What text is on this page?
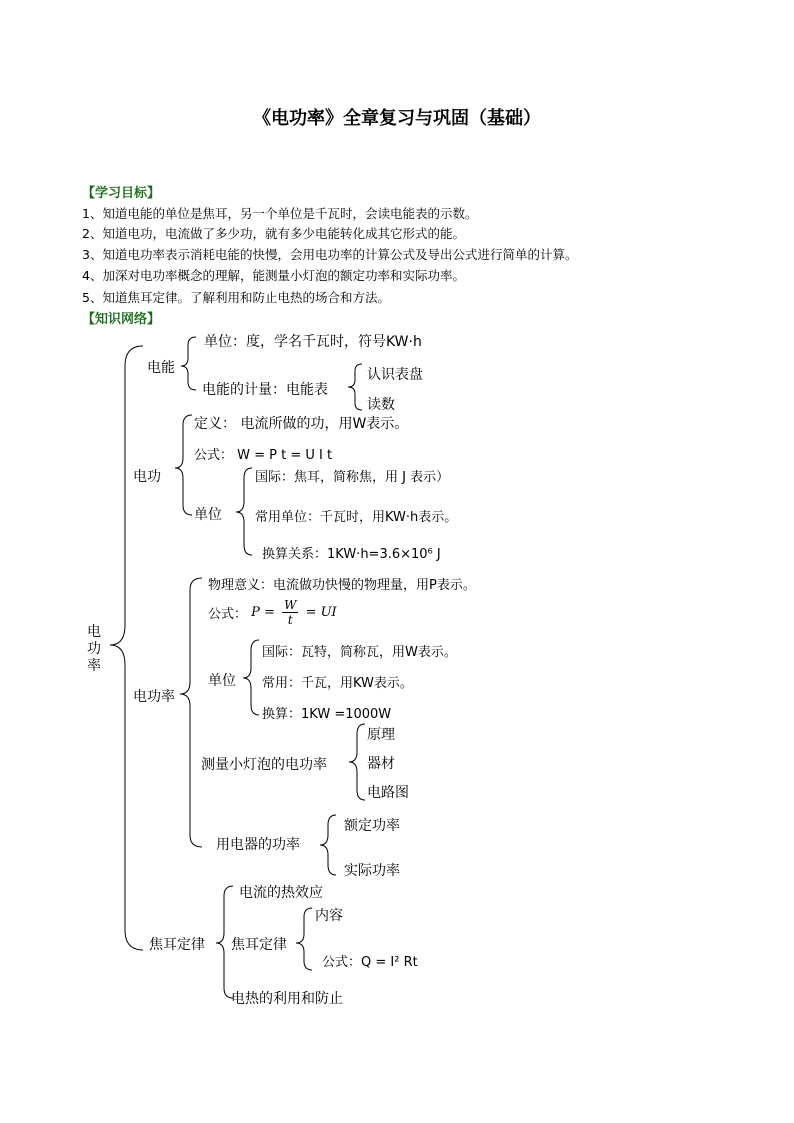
《电功率》全章复习与巩固（基础）
【学习目标】
1、知道电能的单位是焦耳，另一个单位是千瓦时，会读电能表的示数。
2、知道电功，电流做了多少功，就有多少电能转化成其它形式的能。
3、知道电功率表示消耗电能的快慢，会用电功率的计算公式及导出公式进行简单的计算。
4、加深对电功率概念的理解，能测量小灯泡的额定功率和实际功率。
5、知道焦耳定律。了解利用和防止电热的场合和方法。
【知识网络】
电功率
电能
单位：度，学名千瓦时，符号KW·h
电能的计量：电能表
认识表盘
读数
电功
定义： 电流所做的功，用W表示。
公式： W = P t = U I t
单位
国际：焦耳，简称焦，用 J 表示）
常用单位：千瓦时，用KW·h表示。
换算关系：1KW·h=3.6×10⁶ J
电功率
物理意义：电流做功快慢的物理量，用P表示。
公式： $P = \frac{W}{t}$ = UI
单位
国际：瓦特，简称瓦，用W表示。
常用：千瓦，用KW表示。
换算：1KW =1000W
测量小灯泡的电功率
原理
器材
电路图
用电器的功率
额定功率
实际功率
焦耳定律
电流的热效应
焦耳定律
内容
公式：Q = I² Rt
电热的利用和防止
